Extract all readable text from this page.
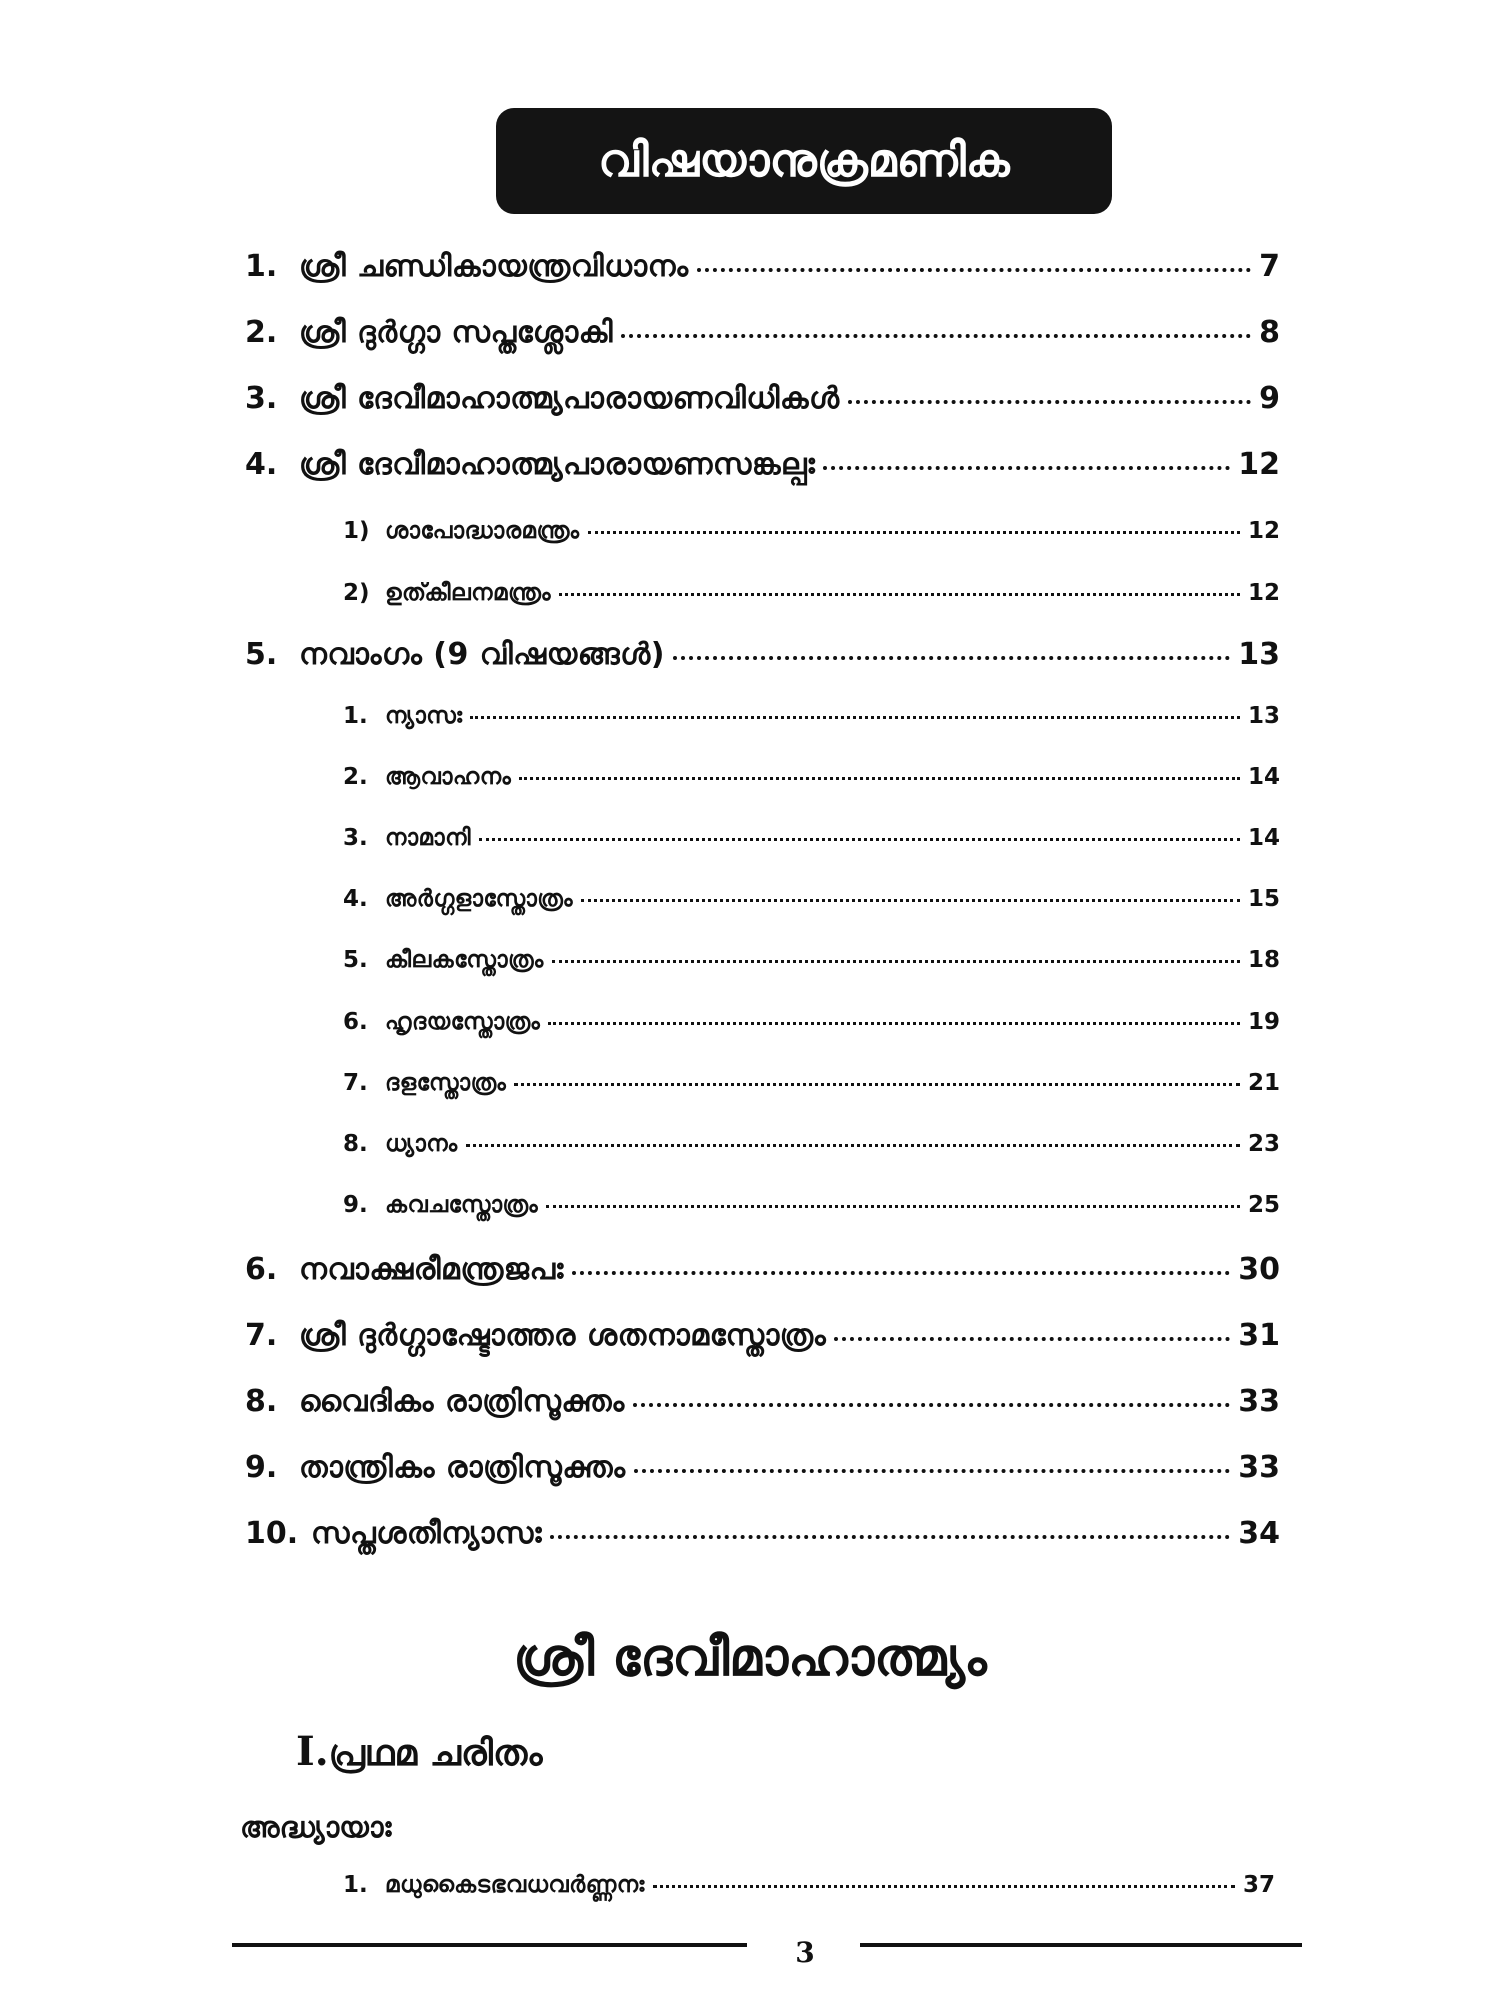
വിഷയാനുക്രമണിക
1. ശ്രീ ചണ്ഡികായന്ത്രവിധാനം	7
2. ശ്രീ ദുർഗ്ഗാ സപ്തശ്ലോകി	8
3. ശ്രീ ദേവീമാഹാത്മ്യപാരായണവിധികൾ	9
4. ശ്രീ ദേവീമാഹാത്മ്യപാരായണസങ്കല്പഃ	12
1) ശാപോദ്ധാരമന്ത്രം	12
2) ഉത്കീലനമന്ത്രം	12
5. നവാംഗം (9 വിഷയങ്ങൾ)	13
1. ന്യാസഃ	13
2. ആവാഹനം	14
3. നാമാനി	14
4. അർഗ്ഗളാസ്തോത്രം	15
5. കീലകസ്തോത്രം	18
6. ഹൃദയസ്തോത്രം	19
7. ദളസ്തോത്രം	21
8. ധ്യാനം	23
9. കവചസ്തോത്രം	25
6. നവാക്ഷരീമന്ത്രജപഃ	30
7. ശ്രീ ദുർഗ്ഗാഷ്ടോത്തര ശതനാമസ്തോത്രം	31
8. വൈദികം രാത്രിസൂക്തം	33
9. താന്ത്രികം രാത്രിസൂക്തം	33
10. സപ്തശതീന്യാസഃ	34
ശ്രീ ദേവീമാഹാത്മ്യം
I.പ്രഥമ ചരിതം
അദ്ധ്യായാഃ
1. മധുകൈടഭവധവർണ്ണനഃ	37
3
